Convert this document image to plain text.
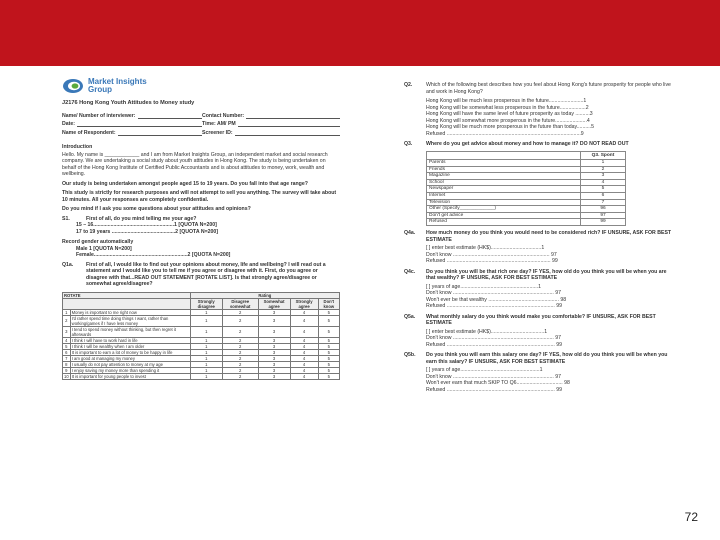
Market Insights
Group
J2176 Hong Kong Youth Attitudes to Money study
Name/ Number of interviewer:	Contact Number:
Date:	Time: AM/ PM
Name of Respondent:	Screener ID:
Introduction
Hello. My name is ____________ and I am from Market Insights Group, an independent market and social research company. We are undertaking a social study about youth attitudes in Hong Kong. The study is being undertaken on behalf of the Hong Kong Institute of Certified Public Accountants and is about attitudes to money, work, wealth and wellbeing.
Our study is being undertaken amongst people aged 15 to 19 years. Do you fall into that age range?
This study is strictly for research purposes and will not attempt to sell you anything. The survey will take about 10 minutes. All your responses are completely confidential.
Do you mind if I ask you some questions about your attitudes and opinions?
S1.	First of all, do you mind telling me your age?
15 – 16........................................................1 [QUOTA N=200]
17 to 19 years ............................................2 [QUOTA N=200]
Record gender automatically
Male 1 [QUOTA N=200]
Female.................................................................2 [QUOTA N=200]
Q1a.	First of all, I would like to find out your opinions about money, life and wellbeing? I will read out a statement and I would like you to tell me if you agree or disagree with it. First, do you agree or disagree with that...READ OUT STATEMENT [ROTATE LIST]. Is that strongly agree/disagree or somewhat agree/disagree?
ROTATE		Rating				
		Strongly disagree	Disagree somewhat	Somewhat agree	Strongly agree	Don't know
1	Money is important to me right now	1	2	3	4	5
2	I'd rather spend time doing things I want, rather than working/games if I have less money	1	2	3	4	5
3	I tend to spend money without thinking, but then regret it afterwards	1	2	3	4	5
4	I think I will have to work hard in life	1	2	3	4	5
5	I think I will be wealthy when I am older	1	2	3	4	5
6	It is important to earn a lot of money to be happy in life	1	2	3	4	5
7	I am good at managing my money	1	2	3	4	5
8	I usually do not pay attention to money at my age	1	2	3	4	5
9	I enjoy saving my money more than spending it	1	2	3	4	5
10	It is important for young people to invest	1	2	3	4	5
Q2.	Which of the following best describes how you feel about Hong Kong's future prosperity for people who live and work in Hong Kong?
Hong Kong will be much less prosperous in the future........................1
Hong Kong will be somewhat less prosperous in the future..................2
Hong Kong will have the same level of future prosperity as today ..........3
Hong Kong will somewhat more prosperous in the future......................4
Hong Kong will be much more prosperous in the future than today..........5
Refused .............................................................................................9
Q3.	Where do you get advice about money and how to manage it? DO NOT READ OUT
	Q3. Spont
Parents	1
Friends	2
Magazine	3
School	4
Newspaper	5
Internet	6
Television	7
Other (Specify_____________)	96
Don't get advice	97
Refused	99
Q4a.	How much money do you think you would need to be considered rich? IF UNSURE, ASK FOR BEST ESTIMATE
[ ] enter best estimate (HK$)...................................1
Don't know ................................................................... 97
Refused ........................................................................ 99
Q4c.	Do you think you will be that rich one day? IF YES, how old do you think you will be when you are that wealthy? IF UNSURE, ASK FOR BEST ESTIMATE
[ ] years of age......................................................1
Don't know ...................................................................... 97
Won't ever be that wealthy ................................................. 98
Refused ........................................................................... 99
Q5a.	What monthly salary do you think would make you comfortable? IF UNSURE, ASK FOR BEST ESTIMATE
[ ] enter best estimate (HK$).....................................1
Don't know ...................................................................... 97
Refused ........................................................................... 99
Q5b.	Do you think you will earn this salary one day? IF YES, how old do you think you will be when you earn this salary? IF UNSURE, ASK FOR BEST ESTIMATE
[ ] years of age.......................................................1
Don't know ...................................................................... 97
Won't ever earn that much SKIP TO Q6................................ 98
Refused ........................................................................... 99
72
